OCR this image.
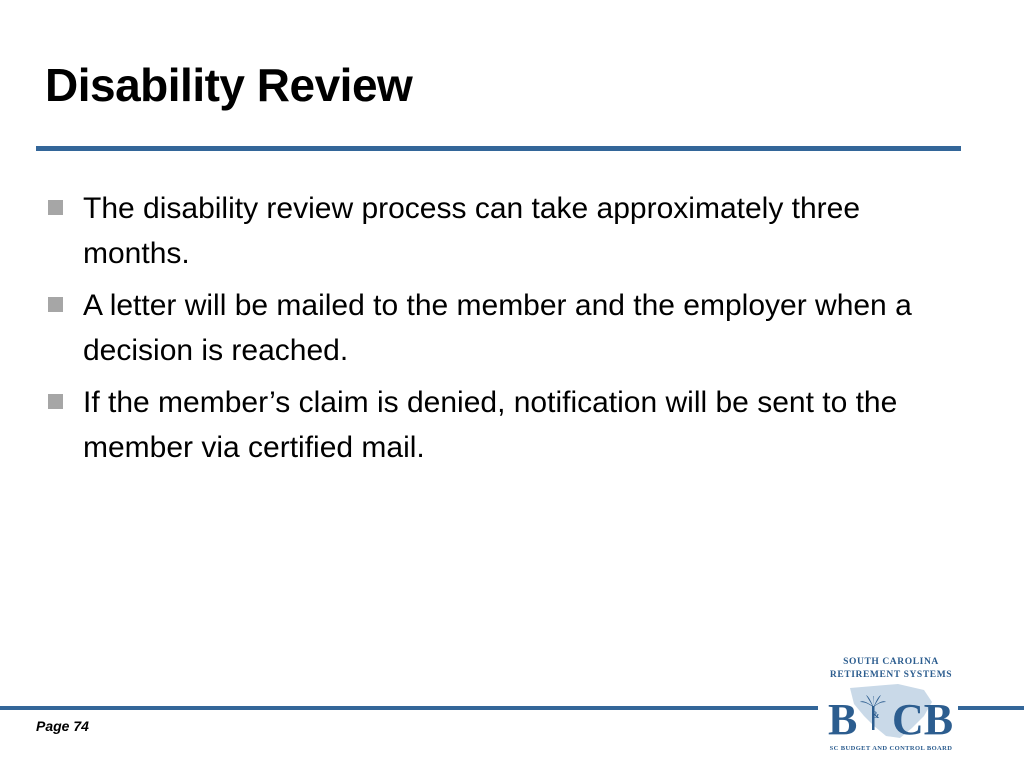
Disability Review
The disability review process can take approximately three months.
A letter will be mailed to the member and the employer when a decision is reached.
If the member’s claim is denied, notification will be sent to the member via certified mail.
Page 74
SOUTH CAROLINA
RETIREMENT SYSTEMS
B & CB
SC BUDGET AND CONTROL BOARD
